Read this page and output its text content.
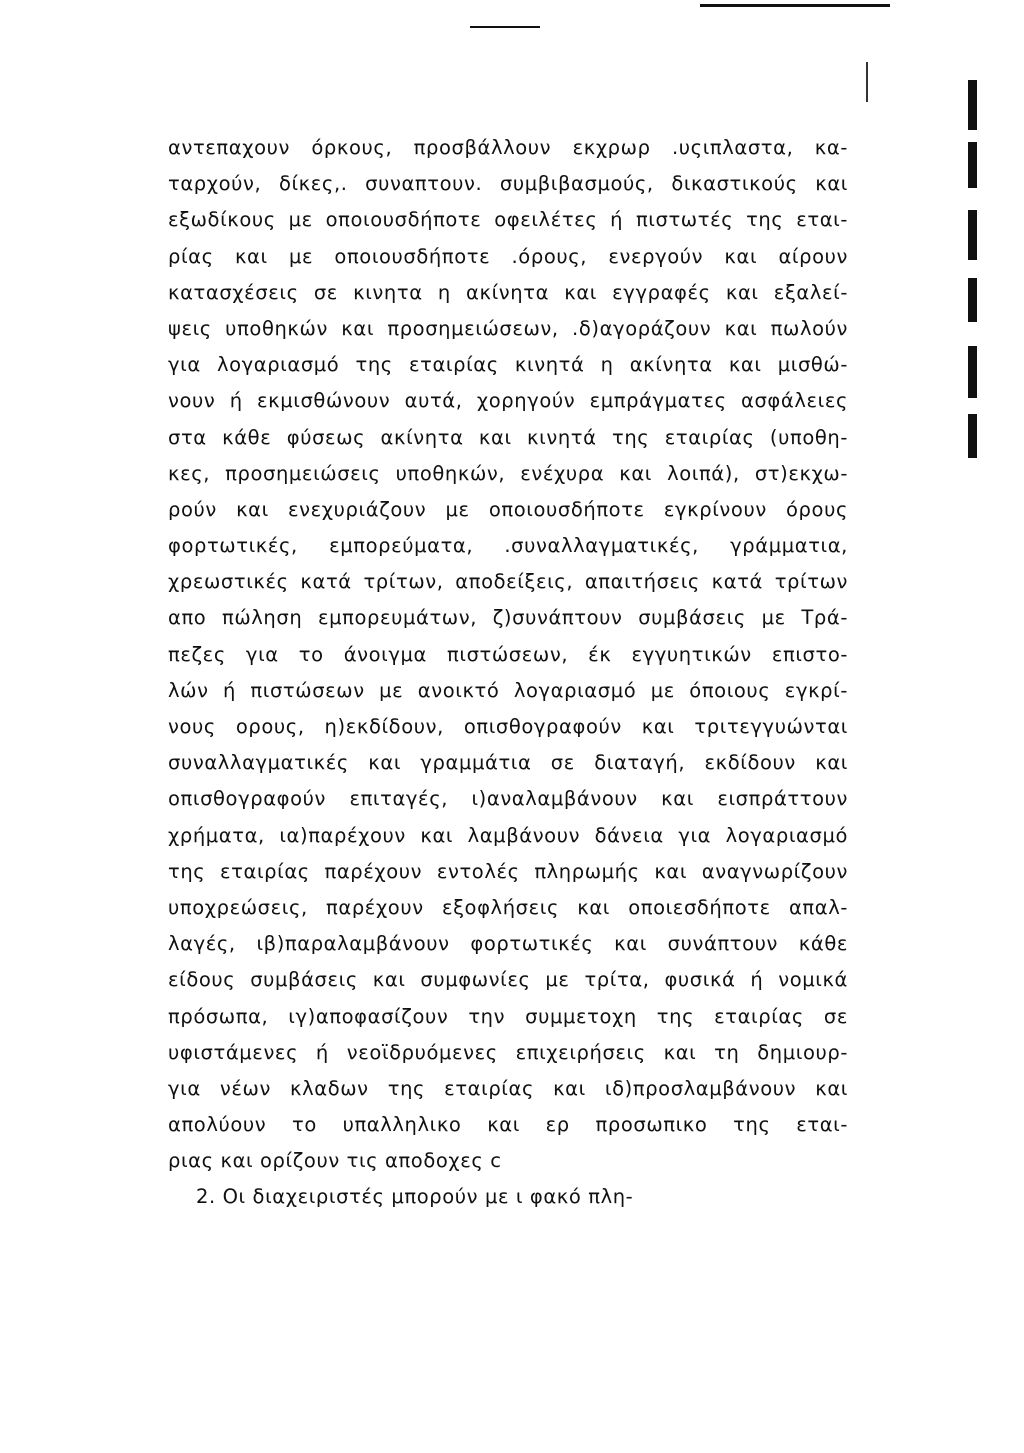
αντεπαχουν όρκους, προσβάλλουν εκχρωρ .υςιπλαστα, κα-
ταρχούν, δίκες,. συναπτουν. συμβιβασμούς, δικαστικούς και
εξωδίκους με οποιουσδήποτε οφειλέτες ή πιστωτές της εται-
ρίας και με οποιουσδήποτε .όρους, ενεργούν και αίρουν
κατασχέσεις σε κινητα η ακίνητα και εγγραφές και εξαλεί-
ψεις υποθηκών και προσημειώσεων, .δ)αγοράζουν και πωλούν
για λογαριασμό της εταιρίας κινητά η ακίνητα και μισθώ-
νουν ή εκμισθώνουν αυτά, χορηγούν εμπράγματες ασφάλειες
στα κάθε φύσεως ακίνητα και κινητά της εταιρίας (υποθη-
κες, προσημειώσεις υποθηκών, ενέχυρα και λοιπά), στ)εκχω-
ρούν και ενεχυριάζουν με οποιουσδήποτε εγκρίνουν όρους
φορτωτικές, εμπορεύματα, .συναλλαγματικές, γράμματια,
χρεωστικές κατά τρίτων, αποδείξεις, απαιτήσεις κατά τρίτων
απο πώληση εμπορευμάτων, ζ)συνάπτουν συμβάσεις με Τρά-
πεζες για το άνοιγμα πιστώσεων, έκ εγγυητικών επιστο-
λών ή πιστώσεων με ανοικτό λογαριασμό με όποιους εγκρί-
νους ορους, η)εκδίδουν, οπισθογραφούν και τριτεγγυώνται
συναλλαγματικές και γραμμάτια σε διαταγή, εκδίδουν και
οπισθογραφούν επιταγές, ι)αναλαμβάνουν και εισπράττουν
χρήματα, ια)παρέχουν και λαμβάνουν δάνεια για λογαριασμό
της εταιρίας παρέχουν εντολές πληρωμής και αναγνωρίζουν
υποχρεώσεις, παρέχουν εξοφλήσεις και οποιεσδήποτε απαλ-
λαγές, ιβ)παραλαμβάνουν φορτωτικές και συνάπτουν κάθε
είδους συμβάσεις και συμφωνίες με τρίτα, φυσικά ή νομικά
πρόσωπα, ιγ)αποφασίζουν την συμμετοχη της εταιρίας σε
υφιστάμενες ή νεοϊδρυόμενες επιχειρήσεις και τη δημιουρ-
για νέων κλαδων της εταιρίας και ιδ)προσλαμβάνουν και
απολύουν το υπαλληλικο και ερ προσωπικο της εται-
ριας και ορίζουν τις αποδοχες c
2. Οι διαχειριστές μπορούν με ι φακό πλη-
